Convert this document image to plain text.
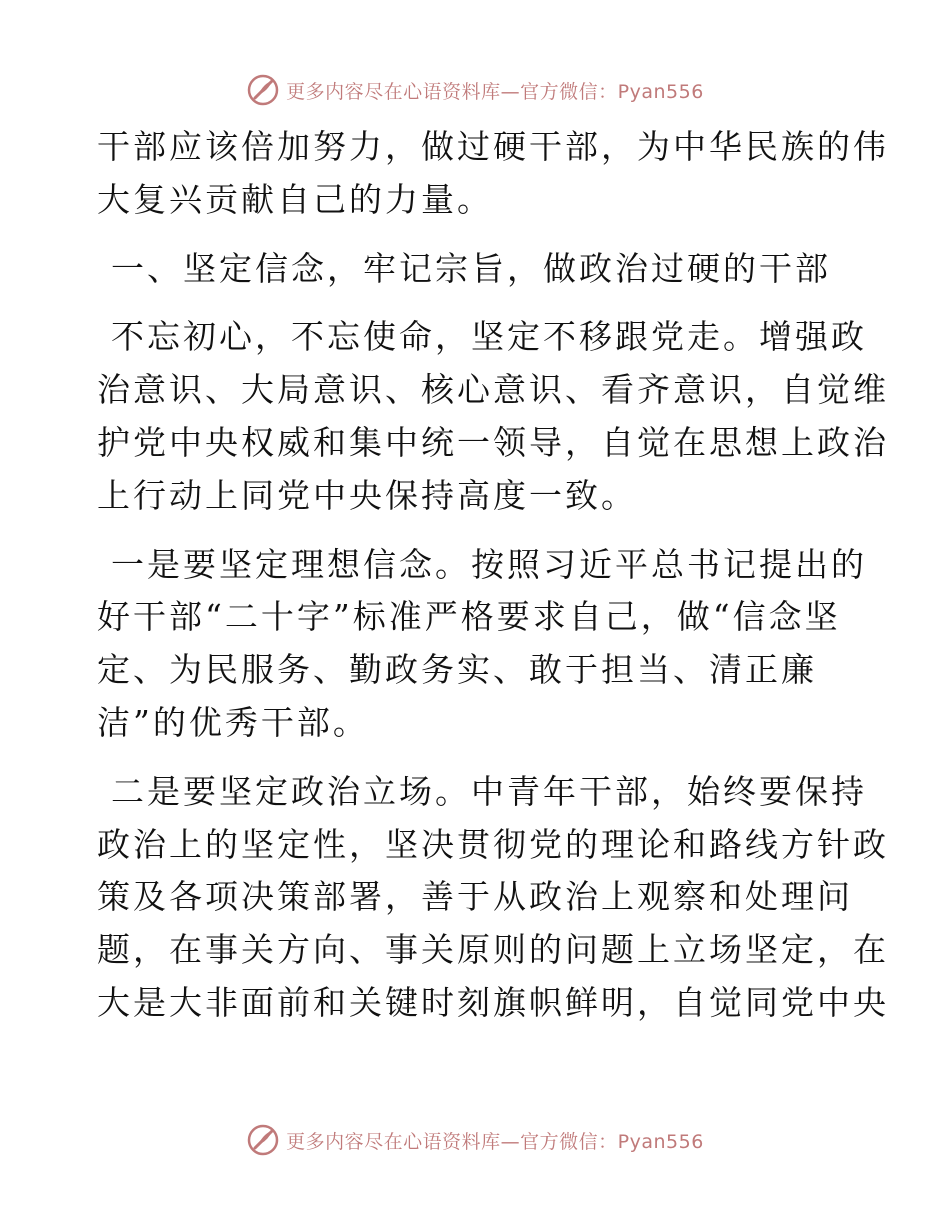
更多内容尽在心语资料库—官方微信：Pyan556

干部应该倍加努力，做过硬干部，为中华民族的伟
大复兴贡献自己的力量。

一、坚定信念，牢记宗旨，做政治过硬的干部

不忘初心，不忘使命，坚定不移跟党走。增强政
治意识、大局意识、核心意识、看齐意识，自觉维
护党中央权威和集中统一领导，自觉在思想上政治
上行动上同党中央保持高度一致。

一是要坚定理想信念。按照习近平总书记提出的
好干部“二十字”标准严格要求自己，做“信念坚
定、为民服务、勤政务实、敢于担当、清正廉
洁”的优秀干部。

二是要坚定政治立场。中青年干部，始终要保持
政治上的坚定性，坚决贯彻党的理论和路线方针政
策及各项决策部署，善于从政治上观察和处理问
题，在事关方向、事关原则的问题上立场坚定，在
大是大非面前和关键时刻旗帜鲜明，自觉同党中央

更多内容尽在心语资料库—官方微信：Pyan556
